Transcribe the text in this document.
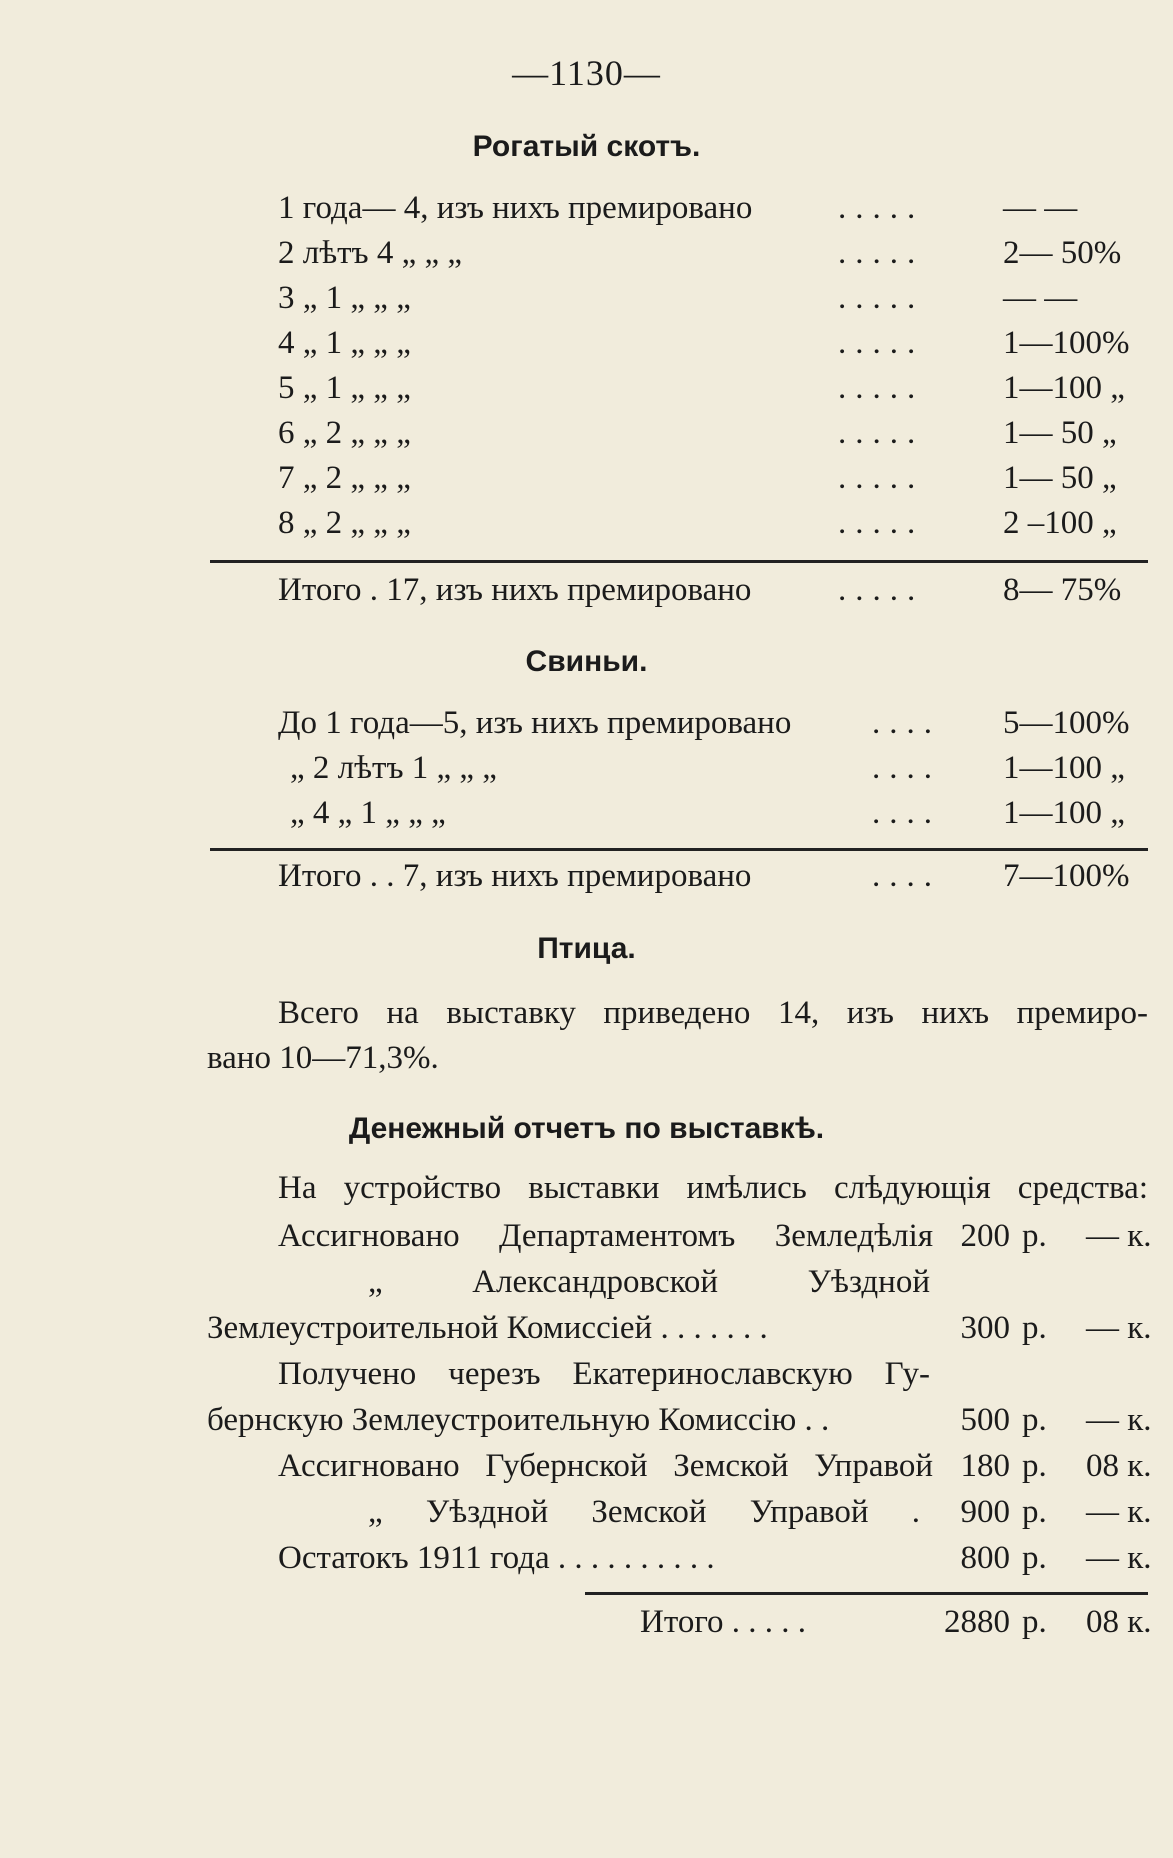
—1130—
Рогатый скотъ.
1 года— 4, изъ нихъ премировано	..... — —
2 лѣтъ 4 „ „ „	..... 2— 50%
3 „ 1 „ „ „	..... — —
4 „ 1 „ „ „	..... 1—100%
5 „ 1 „ „ „	..... 1—100 „
6 „ 2 „ „ „	..... 1— 50 „
7 „ 2 „ „ „	..... 1— 50 „
8 „ 2 „ „ „	..... 2 –100 „
Итого . 17, изъ нихъ премировано	..... 8— 75%
Свиньи.
До 1 года—5, изъ нихъ премировано .... 5—100%
„ 2 лѣтъ 1 „ „ „	.... 1—100 „
„ 4 „ 1 „ „ „	.... 1—100 „
Итого . . 7, изъ нихъ премировано	.... 7—100%
Птица.
Всего на выставку приведено 14, изъ нихъ премиро-
вано 10—71,3%.
Денежный отчетъ по выставкѣ.
На устройство выставки имѣлись слѣдующія средства:
Ассигновано Департаментомъ Земледѣлія 200 р. — к.
„ Александровской Уѣздной
Землеустроительной Комиссіей . . . . . . .	300 р. — к.
Получено черезъ Екатеринославскую Гу-
бернскую Землеустроительную Комиссію . .	500 р. — к.
Ассигновано Губернской Земской Управой 180 р. 08 к.
„ Уѣздной Земской Управой .	900 р. — к.
Остатокъ 1911 года . . . . . . . . . .	800 р. — к.
Итого . . . . .	2880 р. 08 к.
